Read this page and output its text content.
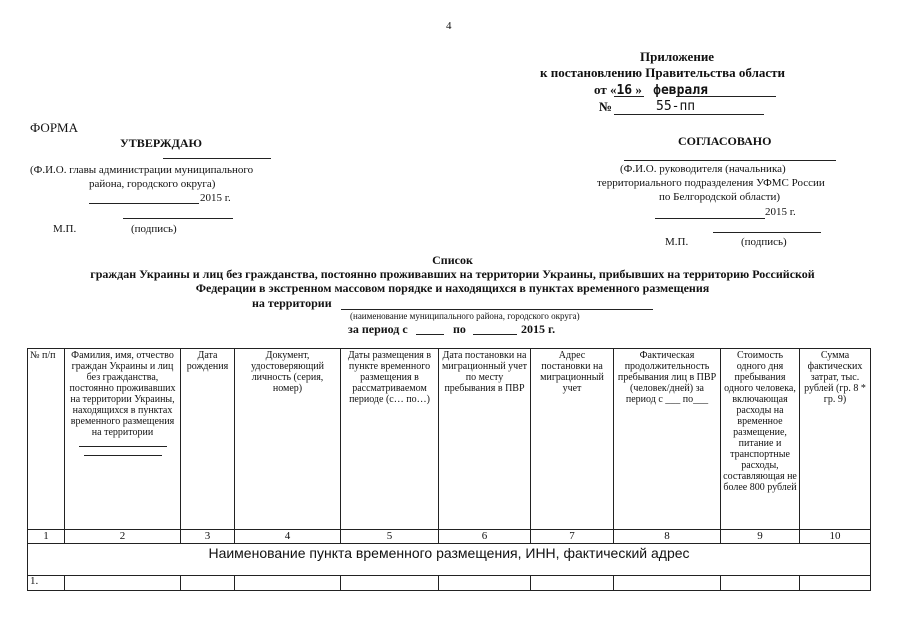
4
Приложение
к постановлению Правительства области
от «16 » февраля
№	55-пп
ФОРМА
УТВЕРЖДАЮ
(Ф.И.О. главы администрации муниципального
района, городского округа)
2015 г.
М.П.	(подпись)
СОГЛАСОВАНО
(Ф.И.О. руководителя (начальника)
территориального подразделения УФМС России
по Белгородской области)
2015 г.
М.П.	(подпись)
Список
граждан Украины и лиц без гражданства, постоянно проживавших на территории Украины, прибывших на территорию Российской
Федерации в экстренном массовом порядке и находящихся в пунктах временного размещения
на территории
(наименование муниципального района, городского округа)
за период с	по	2015 г.
№ п/п	Фамилия, имя, отчество граждан Украины и лиц без гражданства, постоянно проживавших на территории Украины, находящихся в пунктах временного размещения на территории	Дата рождения	Документ, удостоверяющий личность (серия, номер)	Даты размещения в пункте временного размещения в рассматриваемом периоде (с… по…)	Дата постановки на миграционный учет по месту пребывания в ПВР	Адрес постановки на миграционный учет	Фактическая продолжительность пребывания лиц в ПВР (человек/дней) за период с ___ по___	Стоимость одного дня пребывания одного человека, включающая расходы на временное размещение, питание и транспортные расходы, составляющая не более 800 рублей	Сумма фактических затрат, тыс. рублей (гр. 8 * гр. 9)
1	2	3	4	5	6	7	8	9	10
Наименование пункта временного размещения, ИНН, фактический адрес									
1.									
